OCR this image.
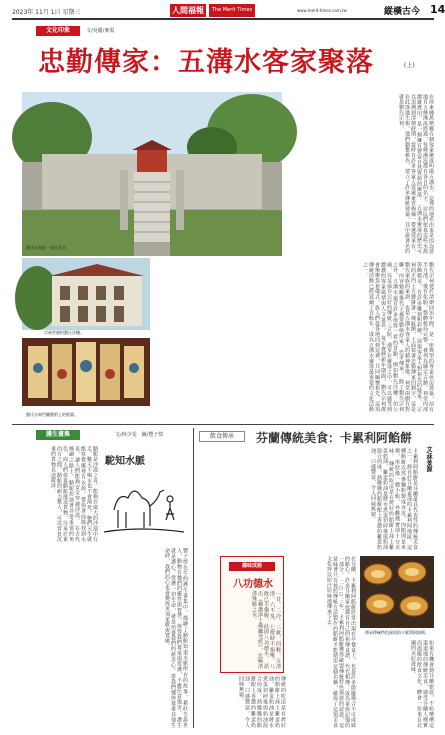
2023年 11月 1日 星期三	人間福報	The Merit Times	www.merit-times.com.tw	縱橫古今 14
文化印象	文/吳麗/麥霞
忠勤傳家：五溝水客家聚落	(上)
劉氏宗祠前一張五零水
宗祠旁邊的劉氏洋樓。
劉氏宗祠門簾藝術上的壁畫。
在屏東縣萬巒鄉有個客家聚落叫做五溝水，這裡的地名由來是因為當地有五條溪流經過，每條溪流都有各自的名字，居民們依靠這些水源灌溉農田，是一個擁有豐富自然資源的聚落。 五溝水聚落的歷史可以追溯到清朝時期，當時有許多客家人從廣東省梅縣一帶遷徙來台，在此落地生根。他們勤奮耕作，建立了許多傳統建築，其中最著名的就是劉氏宗祠。
劉氏宗祠建於清朝同治年間，是一座典型的客家伙房建築，前有半月池，後有化胎，整體格局完整，被列為縣定古蹟。祠堂內部裝飾精美，有許多雕刻和彩繪，展現客家人對祖先的敬重。 宗祠的正門上方懸掛著一塊匾額，上面寫著忠勤傳家四個字，這是劉氏家族的家訓，也是五溝水客家人的精神象徵。祠堂兩側有對聯，內容勉勵後代子孫要勤儉持家、忠孝傳承。 除了劉氏宗祠之外，五溝水還有許多值得一看的景點，例如劉氏洋樓、伯公廟、以及保存完好的傳統三合院。漫步在聚落之中，可以感受到濃濃的客家風情與人文氣息。 每年農曆新年期間，劉氏宗祠都會舉辦祭祖儀式，族人們從各地回到這裡，共同緬懷祖先。這項傳統活動已經延續了百餘年，成為五溝水聚落最重要的文化活動之一。
護生畫集	文/林少雯　圖/豐子愷
駝知水脈
駱駝是沙漠之舟，能夠在廣大的沙漠中行走，數天不喝水也不會渴死。牠們天生就能察覺哪裡有水源，帶領著商隊找到水泉，讓人們能夠安全穿越沙漠。 在古代絲綢之路上，駱駝扮演著非常重要的角色，商人們依靠駱駝運送貨物，往來於東西方之間。駱駝的耐力驚人，可以背負沉重的貨物長途跋涉。
豐子愷先生的護生畫集中，描繪了駱駝知道水脈所在的故事，藉此告訴世人，動物有牠們的靈性與智慧，值得我們尊重與愛護，不應任意傷害。 護生就是護心，愛護一切生命，就是培養我們的慈悲心。當我們懂得尊重其他生命時，我們的心也會變得更加柔軟與寬廣。
飲食傳承	芬蘭傳統美食：卡累利阿餡餅
文/林景源
卡累利阿餡餅是芬蘭最具代表性的傳統美食之一，源自於芬蘭東部的卡累利阿地區。這種餡餅以黑麥麵粉製成外皮，內餡則是米粥，形狀像一艘小船，外觀樸實卻十分美味。 傳統的吃法是在烤好的餡餅上抹上雞蛋奶油，雞蛋奶油是將水煮蛋切碎後與奶油混合而成。熱騰騰的餡餅配上香濃的雞蛋奶油，口感豐富，令人回味無窮。
傳承傳統特色保留的卡累利阿餡餅。
在芬蘭，卡累利阿餡餅經常出現在早餐桌上，也是許多節慶場合不可或缺的點心。許多芬蘭家庭都有自己的祖傳食譜，代代相傳，成為家族記憶的一部分。 二○○三年，卡累利阿餡餅獲得歐盟傳統特色保證的認證，這意味著只有按照傳統方法製作的餡餅才能使用這個名稱，確保了這項美食文化得以原汁原味地傳承下去。
如果有機會到芬蘭旅遊，不妨嚐嚐這道道地的傳統美食，感受芬蘭人樸實而溫暖的飲食文化，體會一份來自北國的美好滋味。
傳統的吃法是在烤好的餡餅上抹上雞蛋奶油，雞蛋奶油是將水煮蛋切碎後與奶油混合而成。熱騰騰的餡餅配上香濃的雞蛋奶油，口感豐富，令人回味無窮。
趣味成語
八功德水
一甘、二冷、三軟、四輕、五清淨、六不臭、七飲時不損喉、八飲已不傷腹，此即八功德水。 語出《稱讚淨土佛攝受經》，比喻清淨殊勝之水。
